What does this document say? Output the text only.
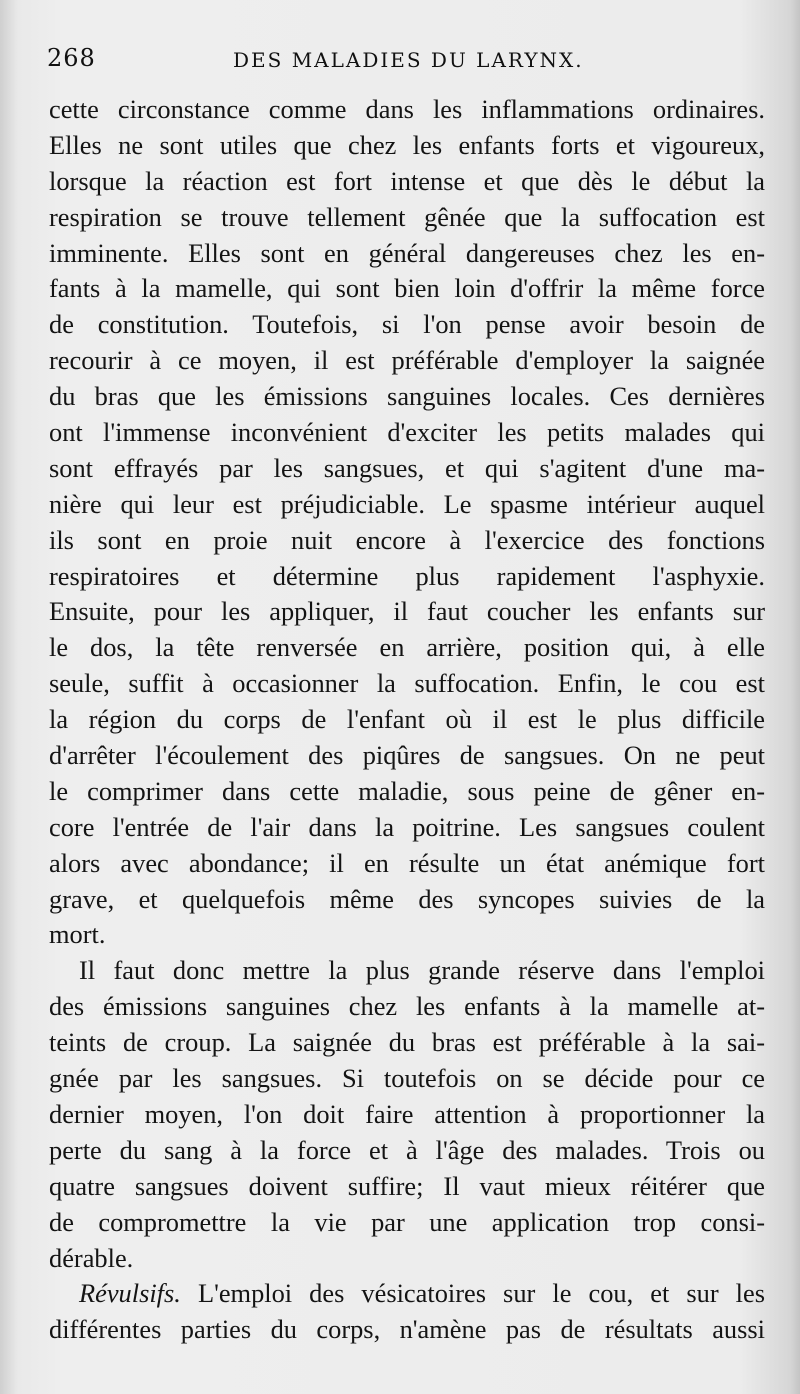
268	DES MALADIES DU LARYNX.
cette circonstance comme dans les inflammations ordinaires.
Elles ne sont utiles que chez les enfants forts et vigoureux,
lorsque la réaction est fort intense et que dès le début la
respiration se trouve tellement gênée que la suffocation est
imminente. Elles sont en général dangereuses chez les en-
fants à la mamelle, qui sont bien loin d'offrir la même force
de constitution. Toutefois, si l'on pense avoir besoin de
recourir à ce moyen, il est préférable d'employer la saignée
du bras que les émissions sanguines locales. Ces dernières
ont l'immense inconvénient d'exciter les petits malades qui
sont effrayés par les sangsues, et qui s'agitent d'une ma-
nière qui leur est préjudiciable. Le spasme intérieur auquel
ils sont en proie nuit encore à l'exercice des fonctions
respiratoires et détermine plus rapidement l'asphyxie.
Ensuite, pour les appliquer, il faut coucher les enfants sur
le dos, la tête renversée en arrière, position qui, à elle
seule, suffit à occasionner la suffocation. Enfin, le cou est
la région du corps de l'enfant où il est le plus difficile
d'arrêter l'écoulement des piqûres de sangsues. On ne peut
le comprimer dans cette maladie, sous peine de gêner en-
core l'entrée de l'air dans la poitrine. Les sangsues coulent
alors avec abondance; il en résulte un état anémique fort
grave, et quelquefois même des syncopes suivies de la
mort.
Il faut donc mettre la plus grande réserve dans l'emploi
des émissions sanguines chez les enfants à la mamelle at-
teints de croup. La saignée du bras est préférable à la sai-
gnée par les sangsues. Si toutefois on se décide pour ce
dernier moyen, l'on doit faire attention à proportionner la
perte du sang à la force et à l'âge des malades. Trois ou
quatre sangsues doivent suffire; Il vaut mieux réitérer que
de compromettre la vie par une application trop consi-
dérable.
Révulsifs. L'emploi des vésicatoires sur le cou, et sur les
différentes parties du corps, n'amène pas de résultats aussi
